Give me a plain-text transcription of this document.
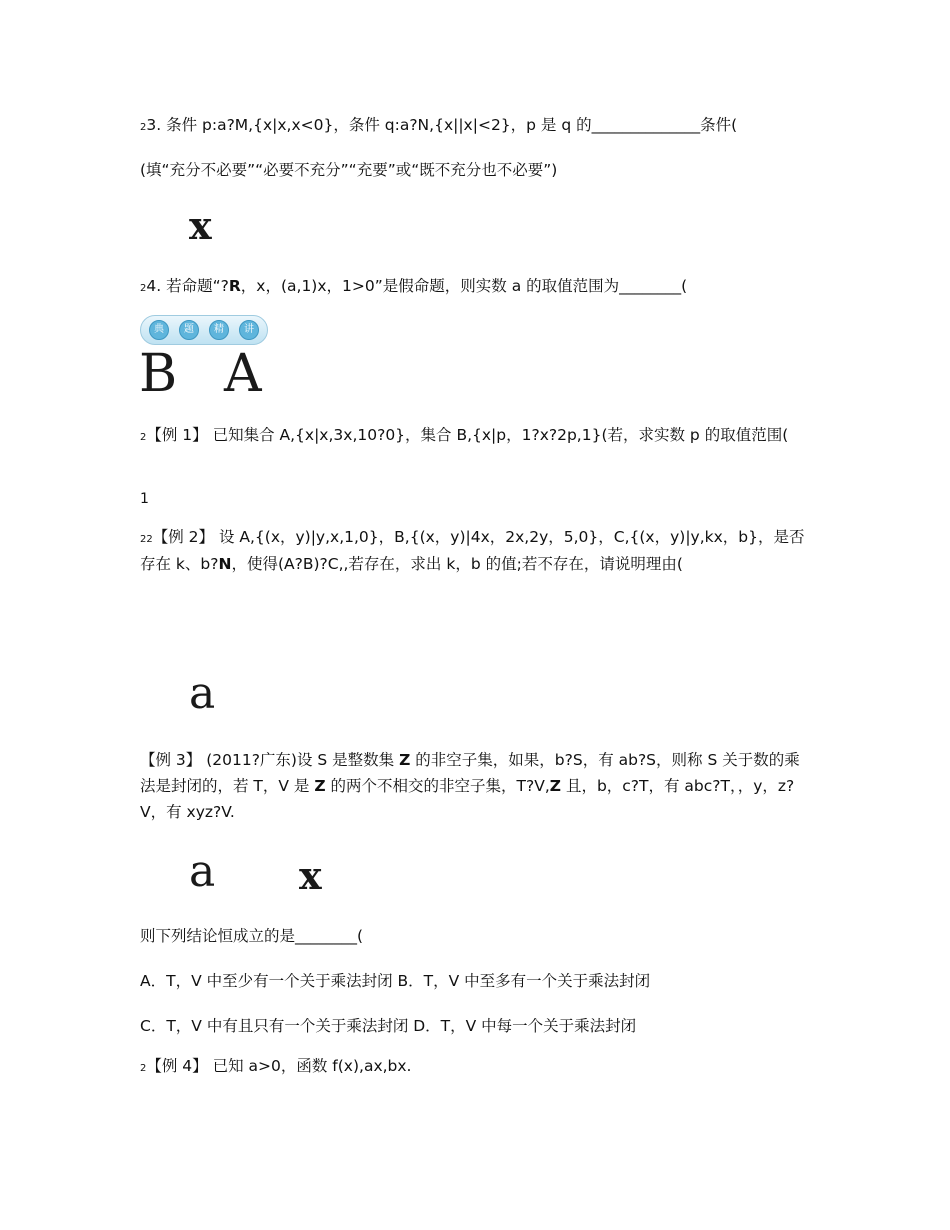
23. 条件 p:a?M,{x|x,x<0}，条件 q:a?N,{x||x|<2}，p 是 q 的______________条件(
(填“充分不必要”“必要不充分”“充要”或“既不充分也不必要”)
x
24. 若命题“?R，x，(a,1)x，1>0”是假命题，则实数 a 的取值范围为________(
典	题	精	讲
B A
2【例 1】 已知集合 A,{x|x,3x,10?0}，集合 B,{x|p，1?x?2p,1}(若，求实数 p 的取值范围(
1
22【例 2】 设 A,{(x，y)|y,x,1,0}，B,{(x，y)|4x，2x,2y，5,0}，C,{(x，y)|y,kx，b}，是否存在 k、b?N，使得(A?B)?C,,若存在，求出 k，b 的值;若不存在，请说明理由(
a
【例 3】 (2011?广东)设 S 是整数集 Z 的非空子集，如果，b?S，有 ab?S，则称 S 关于数的乘法是封闭的，若 T，V 是 Z 的两个不相交的非空子集，T?V,Z 且，b，c?T，有 abc?T，，y，z?V，有 xyz?V.
a x
则下列结论恒成立的是________(
A．T，V 中至少有一个关于乘法封闭 B．T，V 中至多有一个关于乘法封闭
C．T，V 中有且只有一个关于乘法封闭 D．T，V 中每一个关于乘法封闭
2【例 4】 已知 a>0，函数 f(x),ax,bx.
